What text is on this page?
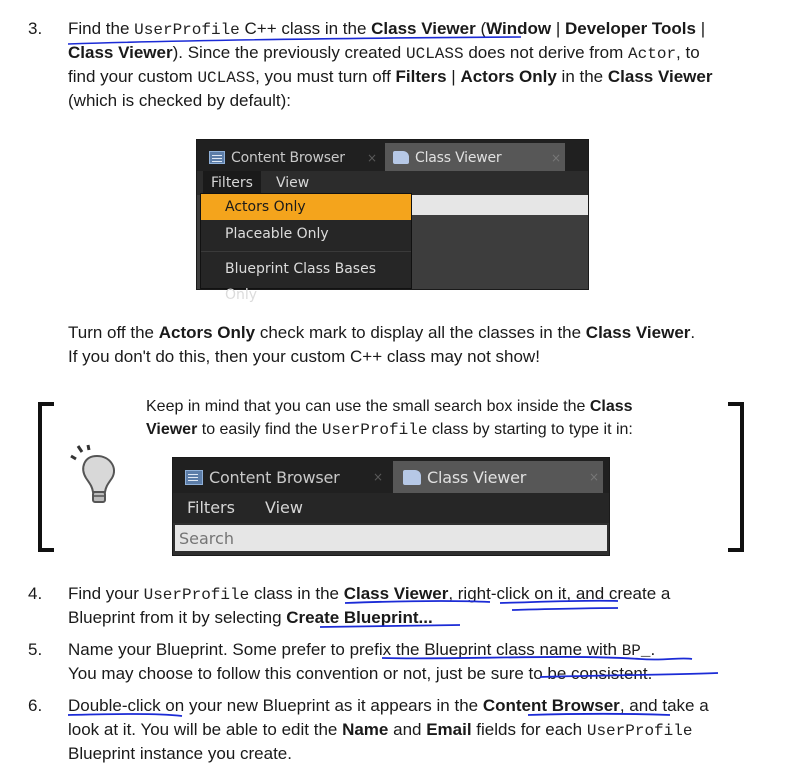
3. Find the UserProfile C++ class in the Class Viewer (Window | Developer Tools |
Class Viewer). Since the previously created UCLASS does not derive from Actor, to
find your custom UCLASS, you must turn off Filters | Actors Only in the Class Viewer
(which is checked by default):
Content Browser ×	Class Viewer	×
Filters	View
Actors Only
Placeable Only
Blueprint Class Bases Only
Turn off the Actors Only check mark to display all the classes in the Class Viewer.
If you don't do this, then your custom C++ class may not show!
Keep in mind that you can use the small search box inside the Class
Viewer to easily find the UserProfile class by starting to type it in:
Content Browser	×	Class Viewer	×
Filters	View
Search
4. Find your UserProfile class in the Class Viewer, right-click on it, and create a
Blueprint from it by selecting Create Blueprint...
5. Name your Blueprint. Some prefer to prefix the Blueprint class name with BP_.
You may choose to follow this convention or not, just be sure to be consistent.
6. Double-click on your new Blueprint as it appears in the Content Browser, and take a
look at it. You will be able to edit the Name and Email fields for each UserProfile
Blueprint instance you create.
